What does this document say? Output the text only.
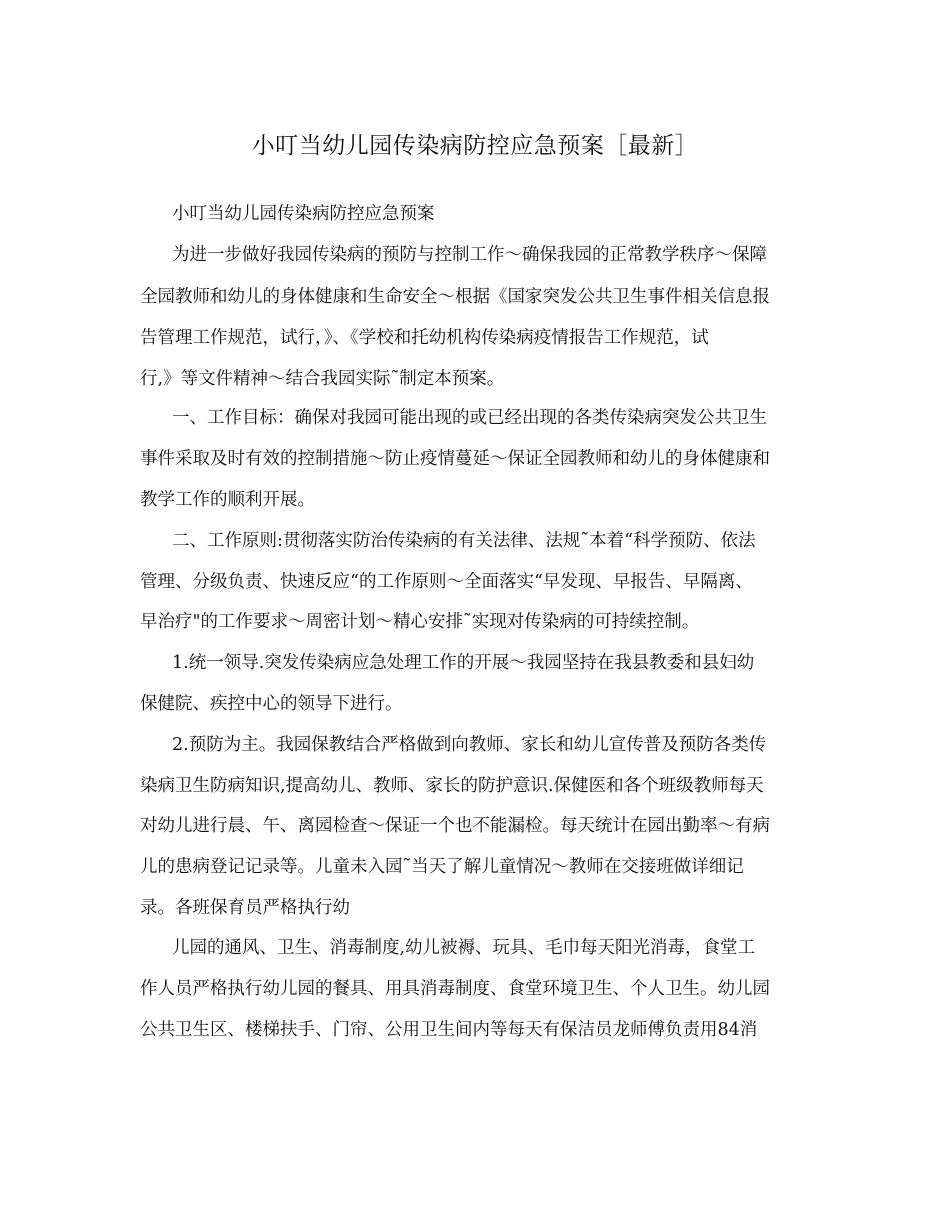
小叮当幼儿园传染病防控应急预案［最新］
小叮当幼儿园传染病防控应急预案
为进一步做好我园传染病的预防与控制工作～确保我园的正常教学秩序～保障
全园教师和幼儿的身体健康和生命安全～根据《国家突发公共卫生事件相关信息报
告管理工作规范，试行，》、《学校和托幼机构传染病疫情报告工作规范，试
行,》等文件精神～结合我园实际˜制定本预案。
一、工作目标：确保对我园可能出现的或已经出现的各类传染病突发公共卫生
事件采取及时有效的控制措施～防止疫情蔓延～保证全园教师和幼儿的身体健康和
教学工作的顺利开展。
二、工作原则:贯彻落实防治传染病的有关法律、法规˜本着“科学预防、依法
管理、分级负责、快速反应“的工作原则～全面落实“早发现、早报告、早隔离、
早治疗"的工作要求～周密计划～精心安排˜实现对传染病的可持续控制。
1.统一领导.突发传染病应急处理工作的开展～我园坚持在我县教委和县妇幼
保健院、疾控中心的领导下进行。
2.预防为主。我园保教结合严格做到向教师、家长和幼儿宣传普及预防各类传
染病卫生防病知识,提高幼儿、教师、家长的防护意识.保健医和各个班级教师每天
对幼儿进行晨、午、离园检查～保证一个也不能漏检。每天统计在园出勤率～有病
儿的患病登记记录等。儿童未入园˜当天了解儿童情况～教师在交接班做详细记
录。各班保育员严格执行幼
儿园的通风、卫生、消毒制度,幼儿被褥、玩具、毛巾每天阳光消毒，食堂工
作人员严格执行幼儿园的餐具、用具消毒制度、食堂环境卫生、个人卫生。幼儿园
公共卫生区、楼梯扶手、门帘、公用卫生间内等每天有保洁员龙师傅负责用84消
